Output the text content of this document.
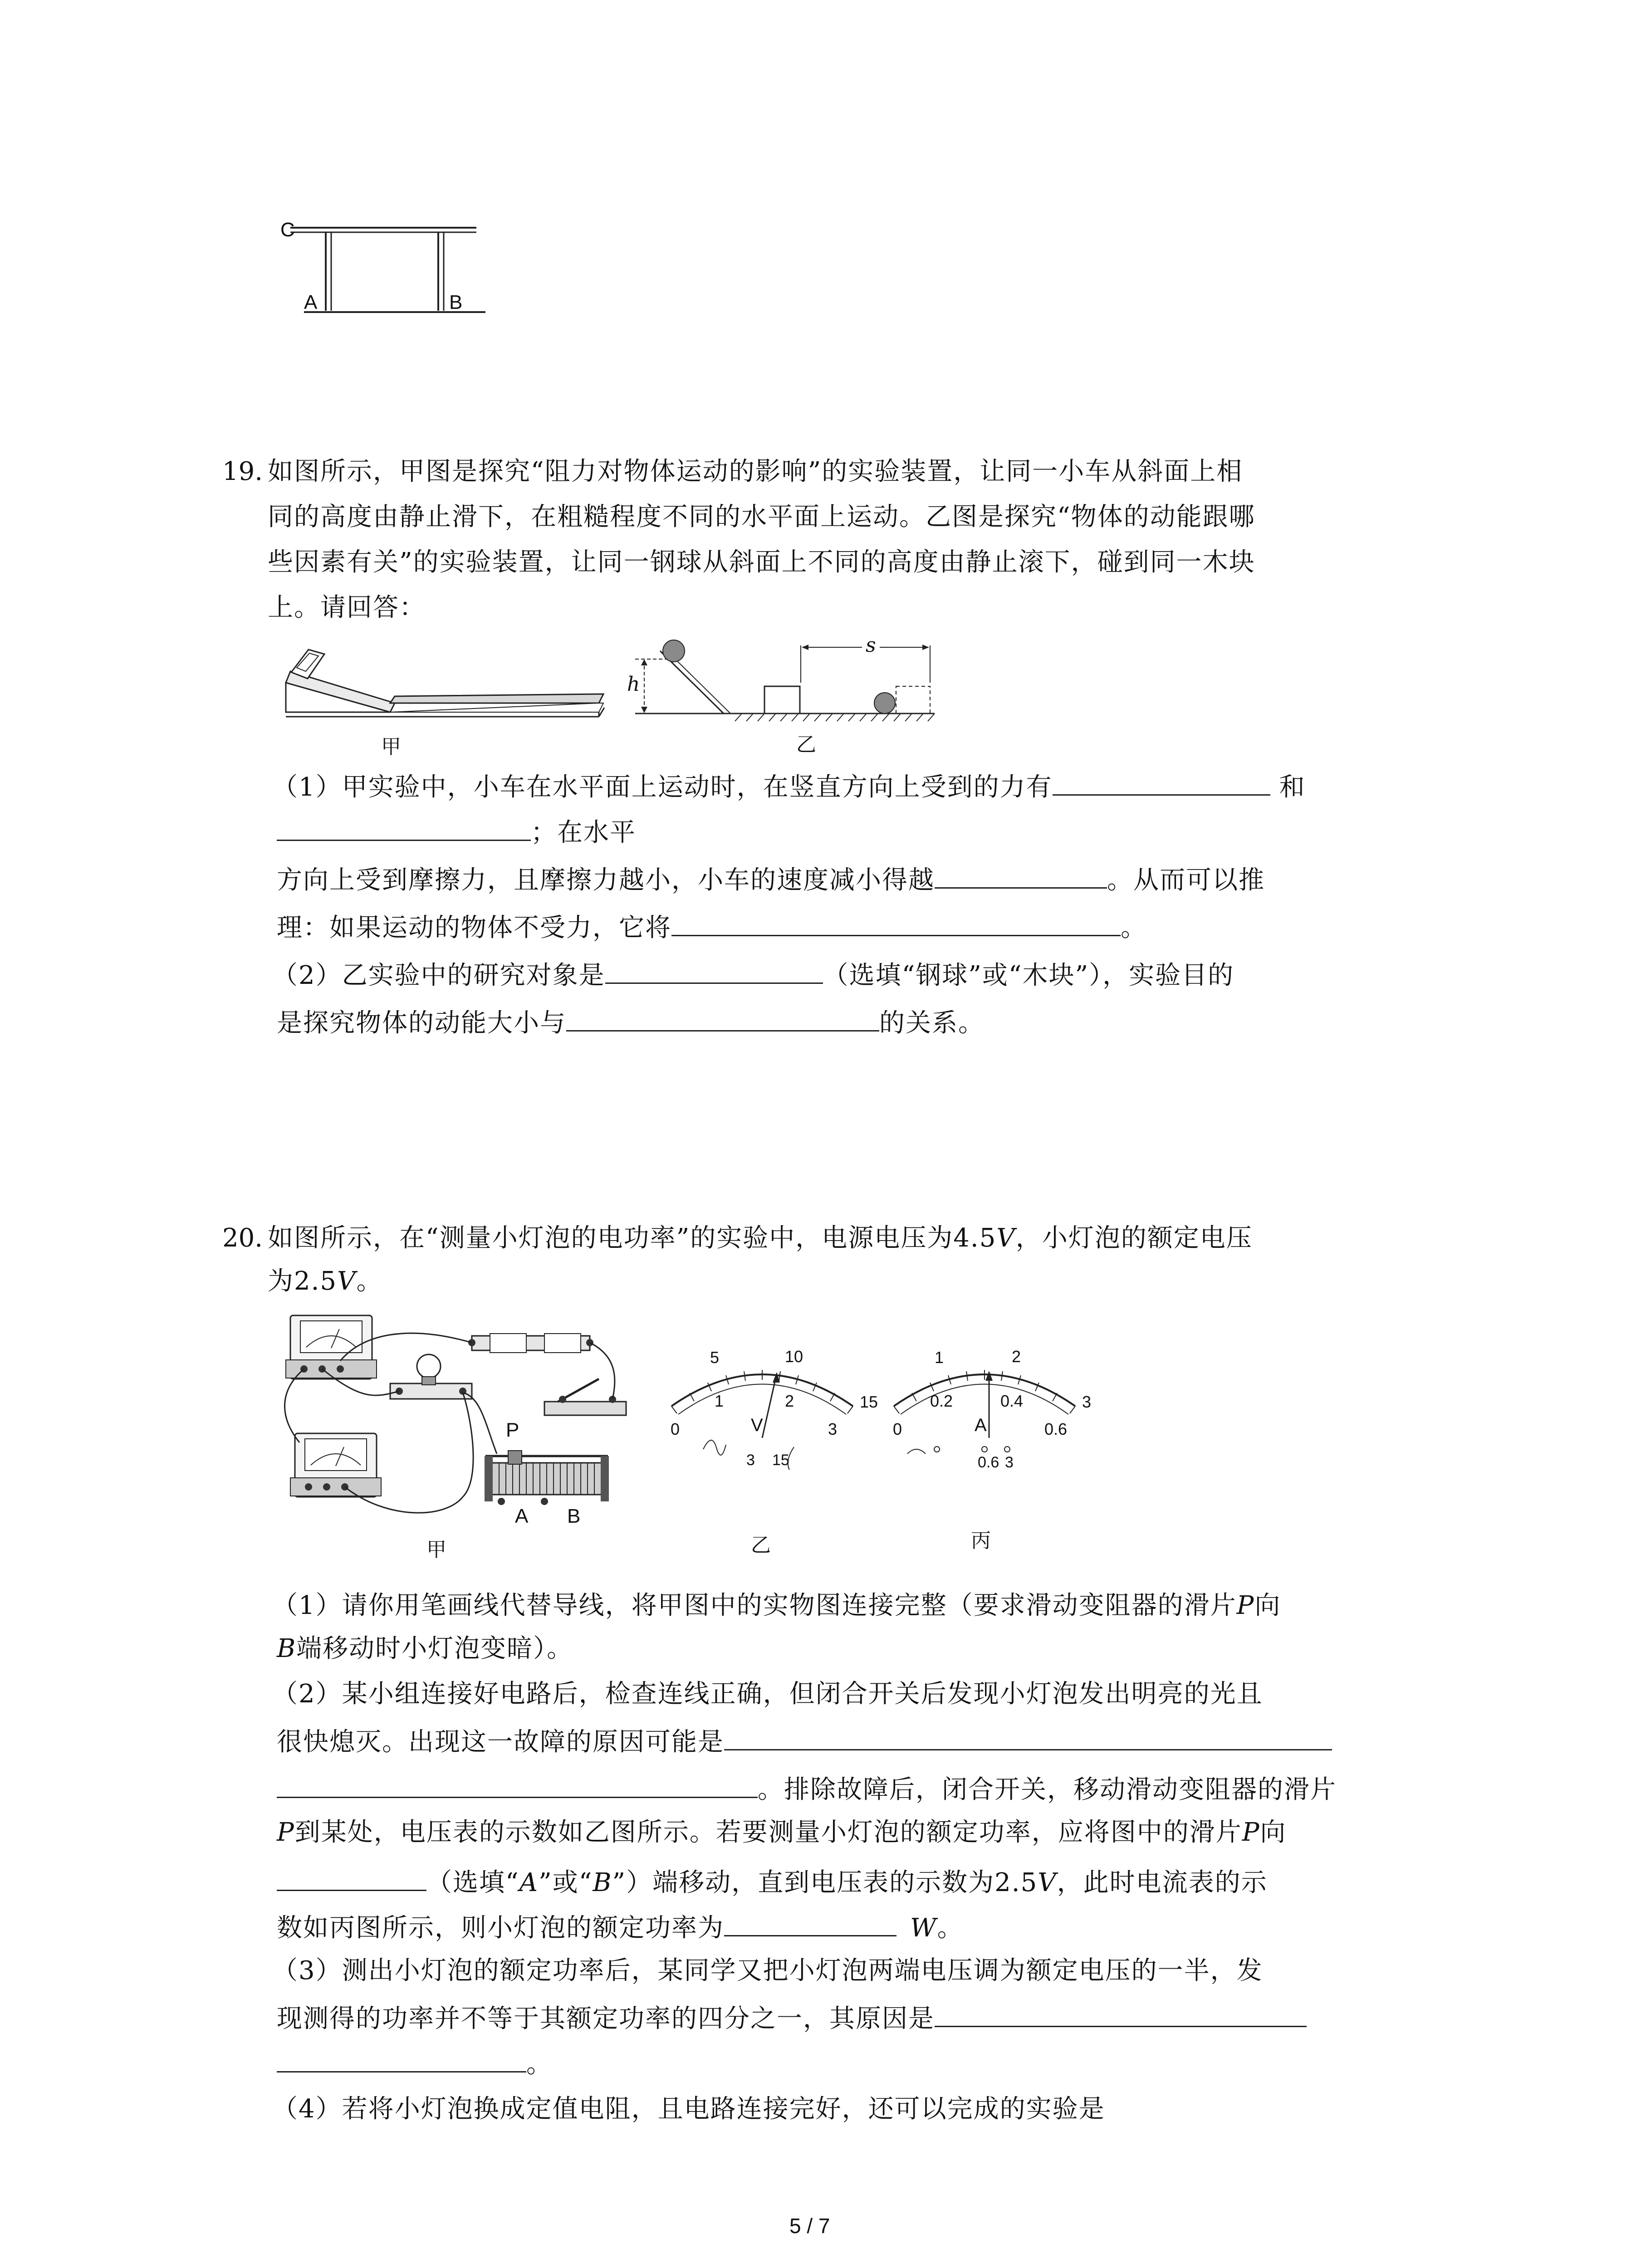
C
A	B
19. 如图所示，甲图是探究“阻力对物体运动的影响”的实验装置，让同一小车从斜面上相
同的高度由静止滑下，在粗糙程度不同的水平面上运动。乙图是探究“物体的动能跟哪
些因素有关”的实验装置，让同一钢球从斜面上不同的高度由静止滚下，碰到同一木块
上。请回答：
甲
h
s
乙
（1）甲实验中，小车在水平面上运动时，在竖直方向上受到的力有	和
；在水平
方向上受到摩擦力，且摩擦力越小，小车的速度减小得越	。从而可以推
理：如果运动的物体不受力，它将	。
（2）乙实验中的研究对象是	（选填“钢球”或“木块”），实验目的
是探究物体的动能大小与	的关系。
20. 如图所示，在“测量小灯泡的电功率”的实验中，电源电压为4.5V，小灯泡的额定电压
为2.5V。
P
A B
甲
5	10
15
0
1	2
3
V
3 15
乙
1	2
3
0
0.2	0.4
0.6
A
0.6 3
丙
（1）请你用笔画线代替导线，将甲图中的实物图连接完整（要求滑动变阻器的滑片P向
B端移动时小灯泡变暗）。
（2）某小组连接好电路后，检查连线正确，但闭合开关后发现小灯泡发出明亮的光且
很快熄灭。出现这一故障的原因可能是
。排除故障后，闭合开关，移动滑动变阻器的滑片
P到某处，电压表的示数如乙图所示。若要测量小灯泡的额定功率，应将图中的滑片P向
（选填“A”或“B”）端移动，直到电压表的示数为2.5V，此时电流表的示
数如丙图所示，则小灯泡的额定功率为	W。
（3）测出小灯泡的额定功率后，某同学又把小灯泡两端电压调为额定电压的一半，发
现测得的功率并不等于其额定功率的四分之一，其原因是
。
（4）若将小灯泡换成定值电阻，且电路连接完好，还可以完成的实验是
5 / 7
